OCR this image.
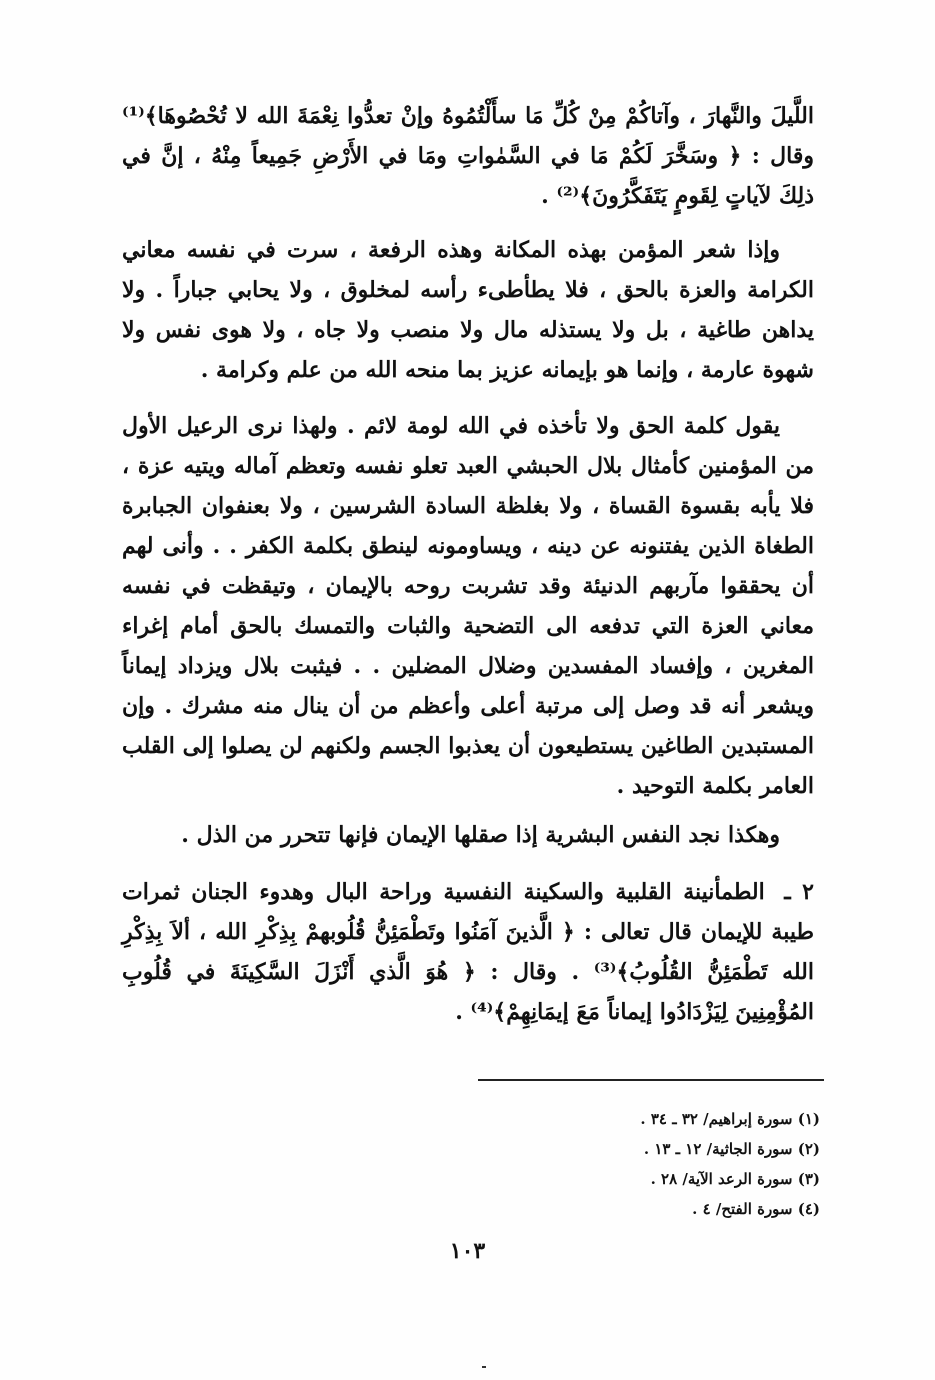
اللَّيلَ والنَّهارَ ، وآتاكُمْ مِنْ كُلِّ مَا سأَلْتُمُوهُ وإنْ تعدُّوا نِعْمَةَ الله لا تُحْصُوهَا﴾⁽¹⁾ وقال : ﴿ وسَخَّرَ لَكُمْ مَا في السَّمٰواتِ ومَا في الأَرْضِ جَمِيعاً مِنْهُ ، إنَّ في ذلِكَ لآياتٍ لِقَومٍ يَتَفَكَّرُونَ﴾⁽²⁾ .

وإذا شعر المؤمن بهذه المكانة وهذه الرفعة ، سرت في نفسه معاني الكرامة والعزة بالحق ، فلا يطأطىء رأسه لمخلوق ، ولا يحابي جباراً . ولا يداهن طاغية ، بل ولا يستذله مال ولا منصب ولا جاه ، ولا هوى نفس ولا شهوة عارمة ، وإنما هو بإيمانه عزيز بما منحه الله من علم وكرامة .

يقول كلمة الحق ولا تأخذه في الله لومة لائم . ولهذا نرى الرعيل الأول من المؤمنين كأمثال بلال الحبشي العبد تعلو نفسه وتعظم آماله ويتيه عزة ، فلا يأبه بقسوة القساة ، ولا بغلظة السادة الشرسين ، ولا بعنفوان الجبابرة الطغاة الذين يفتنونه عن دينه ، ويساومونه لينطق بكلمة الكفر . . وأنى لهم أن يحققوا مآربهم الدنيئة وقد تشربت روحه بالإيمان ، وتيقظت في نفسه معاني العزة التي تدفعه الى التضحية والثبات والتمسك بالحق أمام إغراء المغرين ، وإفساد المفسدين وضلال المضلين . . فيثبت بلال ويزداد إيماناً ويشعر أنه قد وصل إلى مرتبة أعلى وأعظم من أن ينال منه مشرك . وإن المستبدين الطاغين يستطيعون أن يعذبوا الجسم ولكنهم لن يصلوا إلى القلب العامر بكلمة التوحيد .

وهكذا نجد النفس البشرية إذا صقلها الإيمان فإنها تتحرر من الذل .

٢ ـ الطمأنينة القلبية والسكينة النفسية وراحة البال وهدوء الجنان ثمرات طيبة للإيمان قال تعالى : ﴿ الَّذينَ آمَنُوا وتَطْمَئِنُّ قُلُوبهمْ بِذِكْرِ الله ، ألاَ بِذِكْرِ الله تَطْمَئِنُّ القُلُوبُ﴾⁽³⁾ . وقال : ﴿ هُوَ الَّذي أَنْزَلَ السَّكِينَةَ في قُلُوبِ المُؤْمِنِينَ لِيَزْدَادُوا إيماناً مَعَ إيمَانِهِمْ﴾⁽⁴⁾ .
(١) سورة إبراهيم/ ٣٢ ـ ٣٤ .
(٢) سورة الجاثية/ ١٢ ـ ١٣ .
(٣) سورة الرعد الآية/ ٢٨ .
(٤) سورة الفتح/ ٤ .
١٠٣
